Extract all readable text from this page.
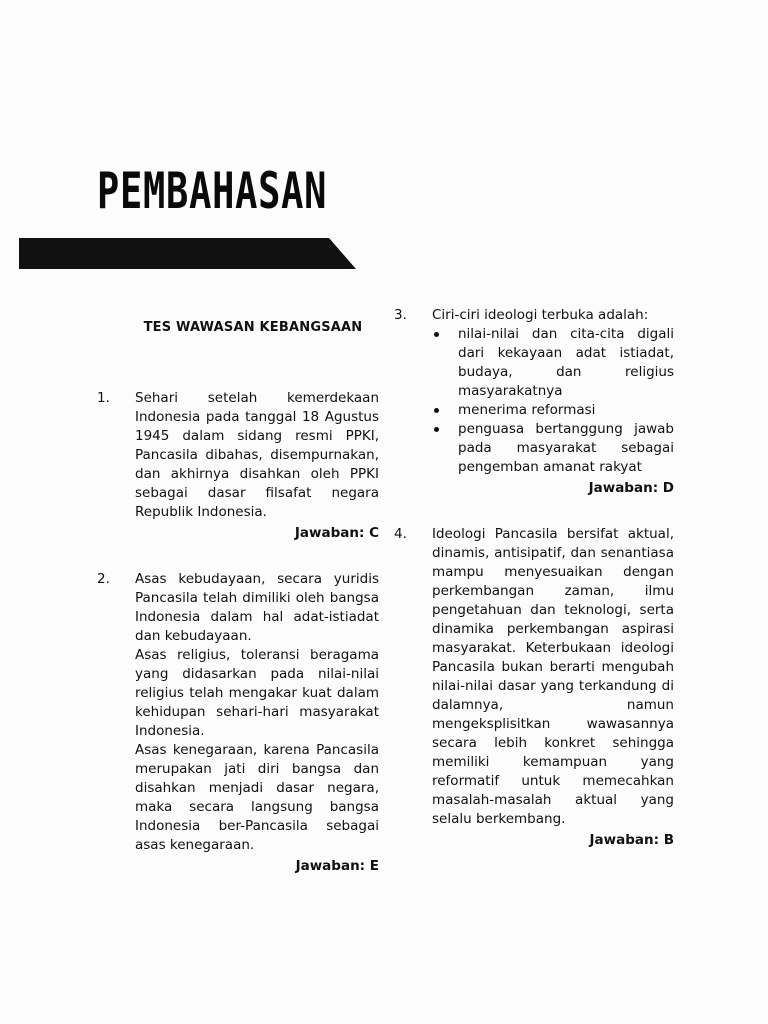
PEMBAHASAN
TES WAWASAN KEBANGSAAN
1. Sehari setelah kemerdekaan Indonesia pada tanggal 18 Agustus 1945 dalam sidang resmi PPKI, Pancasila dibahas, disempurnakan, dan akhirnya disahkan oleh PPKI sebagai dasar filsafat negara Republik Indonesia.

Jawaban: C
2. Asas kebudayaan, secara yuridis Pancasila telah dimiliki oleh bangsa Indonesia dalam hal adat-istiadat dan kebudayaan.

Asas religius, toleransi beragama yang didasarkan pada nilai-nilai religius telah mengakar kuat dalam kehidupan sehari-hari masyarakat Indonesia.

Asas kenegaraan, karena Pancasila merupakan jati diri bangsa dan disahkan menjadi dasar negara, maka secara langsung bangsa Indonesia ber-Pancasila sebagai asas kenegaraan.

Jawaban: E
3. Ciri-ciri ideologi terbuka adalah:

nilai-nilai dan cita-cita digali dari kekayaan adat istiadat, budaya, dan religius masyarakatnya
menerima reformasi
penguasa bertanggung jawab pada masyarakat sebagai pengemban amanat rakyat
Jawaban: D
4. Ideologi Pancasila bersifat aktual, dinamis, antisipatif, dan senantiasa mampu menyesuaikan dengan perkembangan zaman, ilmu pengetahuan dan teknologi, serta dinamika perkembangan aspirasi masyarakat. Keterbukaan ideologi Pancasila bukan berarti mengubah nilai-nilai dasar yang terkandung di dalamnya, namun mengeksplisitkan wawasannya secara lebih konkret sehingga memiliki kemampuan yang reformatif untuk memecahkan masalah-masalah aktual yang selalu berkembang.

Jawaban: B
